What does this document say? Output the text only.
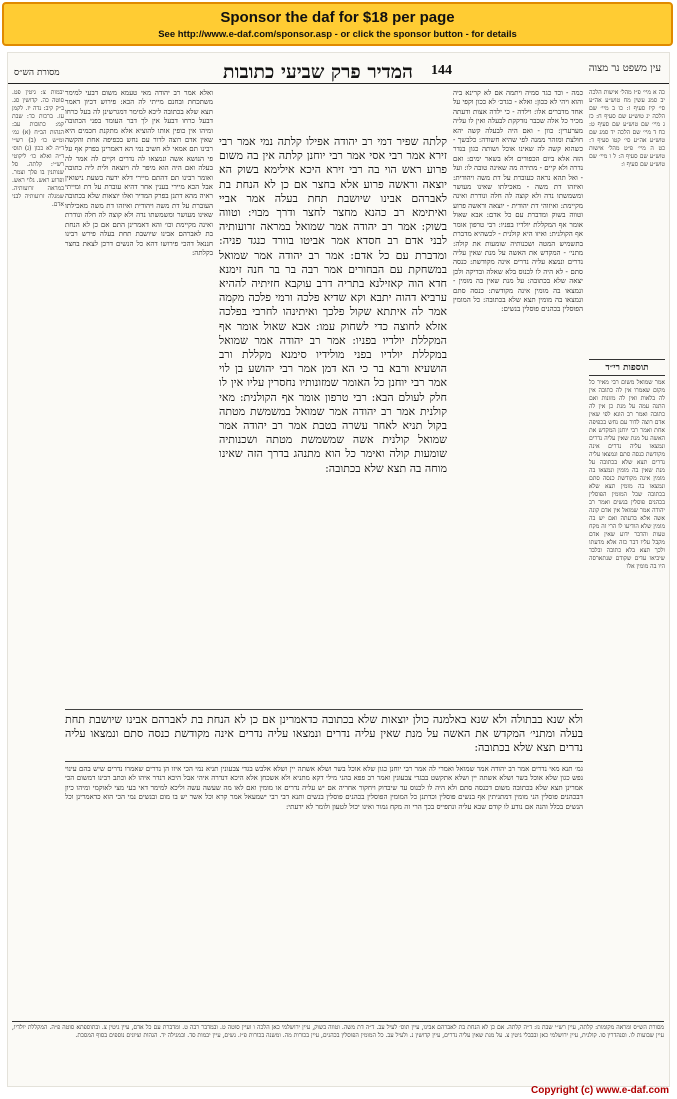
Sponsor the daf for $18 per page
See http://www.e-daf.com/sponsor.asp - or click the sponsor button - for details
מסורת הש״ס	המדיר פרק שביעי כתובות	144	עין משפט נר מצוה
כה א מיי׳ פ״ז מהל׳ אישות הלכה יב סמג עשין מח טוש״ע אה״ע סי׳ קיז סעיף ז: כו ב מיי׳ שם הלכה יג טוש״ע שם סעיף ח: כז ג מיי׳ שם טוש״ע שם סעיף ט: כח ד מיי׳ שם הלכה יד סמג שם טוש״ע אה״ע סי׳ קטו סעיף ד: כט ה מיי׳ פ״ט מהל׳ אישות טוש״ע שם סעיף ה: ל ו מיי׳ שם טוש״ע שם סעיף ו:
תוספות רי״ד
אמר שמואל משום רבי מאיר כל מקום שאמרו אין לה כתובה אין לה בלאות ואין לה מזונות ואם התנה עמה על מנת כן אין לה כתובה ואמר רב הונא לפי שאין אדם רוצה לדור עם נחש בכפיפה אחת ואמר רבי יוחנן המקדש את האשה על מנת שאין עליה נדרים ונמצאו עליה נדרים אינה מקודשת כנסה סתם ונמצאו עליה נדרים תצא שלא בכתובה על מנת שאין בה מומין ונמצאו בה מומין אינה מקודשת כנסה סתם ונמצאו בה מומין תצא שלא בכתובה שכל המומין הפוסלין בכהנים פוסלין בנשים ואמר רב יהודה אמר שמואל אין אדם קונה אשה אלא בדעתה ואם יש בה מומין שלא הודיעו לו הרי זה מקח טעות והדבר ידוע שאין אדם מקבל עליו דבר כזה אלא מדעתו ולכך תצא בלא כתובה ובלבד שיביאו עדים שקודם שנתארסה היו בה מומין אלו
כמה - וכד כגד סמיה ויתמה אם לא קרינא ביה והוא ויהי לא ככון: ואלא - כגדכ׳ לא ככון וקפי על אחד מדברים אלו: וילדה - כי ילדה אצות ודעתה מכיר כל אלה שכבר נזדקקת לבעלה ואין לו עליה מערערין: כוון - ואם היה לבעלה קשה יהא חולצת ומזהר ממנה לפי שהיא חשודה: כלבשך - כשהוא קשה לה שאינו אוכל ושותה כגון בנדר הזה אלא ביום הכפורים ולא בשאר ימים: ואם נדרה ולא קיים - מתירה מה שאינה טובה לו: ועל - ואל תהא נראה כעוברת על דת משה ויהודית: ואיזהו דת משה - מאכילתו שאינו מעושר ומשמשתו נדה ולא קוצה לה חלה ונודרת ואינה מקיימת: ואיזוהי דת יהודית - יוצאה וראשה פרוע וטווה בשוק ומדברת עם כל אדם: אבא שאול אומר אף המקללת יולדיו בפניו: רבי טרפון אומר אף הקולנית: ואיזו היא קולנית - לכשהיא מדברת בתשמיש המטה ושכנותיה שומעות את קולה: מתני׳ - המקדש את האשה על מנת שאין עליה נדרים ונמצא עליה נדרים אינה מקודשת: כנסה סתם - לא היה לו לכנוס בלא שאלה ובדיקה ולכן יצאה שלא בכתובה: על מנת שאין בה מומין - ונמצאו בה מומין אינה מקודשת: כנסה סתם ונמצאו בה מומין תצא שלא בכתובה: כל המומין הפוסלין בכהנים פוסלין בנשים:
קלתה שפיר דמי רב יהודה אפילו קלתה נמי אמר רבי זירא אמר רבי אסי אמר רבי יוחנן קלתה אין בה משום פרוע ראש הוי בה רבי זירא היכא אילימא בשוק הא יוצאה וראשה פרוע אלא בחצר אם כן לא הנחת בת לאברהם אבינו שיושבת תחת בעלה אמר אביי ואיתימא רב כהנא מחצר לחצר ודרך מבוי: וטווה בשוק: אמר רב יהודה אמר שמואל במראה זרועותיה לבני אדם רב חסדא אמר אביטו בוורד כנגד פניה: ומדברת עם כל אדם: אמר רב יהודה אמר שמואל במשחקת עם הבחורים אמר רבה בר בר חנה זימנא חדא הוה קאזילנא בתריה דרב עוקבא חזיתיה לההיא ערביא דהוה יתבא וקא שדיא פלכה ורמי פלכה מקמה אמר לה איתתא שקול פלכך ואיתינהו לחרבי בפלכה אזלא לחוצה כדי לשחוק עמו: אבא שאול אומר אף המקללת יולדיו בפניו: אמר רב יהודה אמר שמואל במקללת יולדיו בפני מולידיו סימנא מקללת ורב הושעיא ורבא בר כי הא דמן אמר רבי יהושע בן לוי אמר רבי יוחנן כל האומר שמזונותיו נחסרין עליו אין לו חלק לעולם הבא: רבי טרפון אומר אף הקולנית: מאי קולנית אמר רב יהודה אמר שמואל במשמשת מטתה בקול תניא לאחר עשרה בטבת אמר רב יהודה אמר שמואל קולנית אשה שמשמשת מטתה ושכנותיה שומעות קולה ואימר כל הוא מתנהג בדרך הזה שאינו מוחה בה תצא שלא בכתובה:
ואלא אמר רב יהודה מאי טעמא משום דבעי למימר משתכחת ובחנם מייתי לה הכא: פירוש דכיון דאמר תצא שלא בכתובה ליכא למימר דמגרשינן לה בעל כרחו דבעל כרחו דבעל אין לך דבר העומד בפני הכתובה ומיהו אין כופין אותו להוציא אלא מתקנת חכמים היא שאין אדם רוצה לדור עם נחש בכפיפה אחת והקשה רבינו תם אמאי לא חשיב נמי הא דאמרינן בפרק אף על פי הנושא אשה ונמצאו לה נדרים וקיים לה אמר לה בעלה ואם היה הוא מיפר לה ויוצאה ולית ליה כתובה ואומר רבינו תם דהתם מיירי דלא ידעה בשעת נישואין אבל הכא מיירי בענין אחר דהיא עוברת על דת ומייתי ראיה מהא דתנן בפרק המדיר ואלו יוצאות שלא בכתובה העוברת על דת משה ויהודית ואיזהו דת משה מאכילתו שאינו מעושר ומשמשתו נדה ולא קוצה לה חלה ונודרת ואינה מקיימת וכו׳ והא דאמרינן התם אם כן לא הנחת בת לאברהם אבינו שיושבת תחת בעלה פירש רבינו חננאל דהכי פירושו דהא כל הנשים דרכן לצאת בחצר בקלתה:
יבמות צ: גיטין פט. סוטה כה. קדושין סג. ב״ק קיב: נדה יז. לקמן עז. ברכות כד: שבת קמ: כתובות עב: הגהות הב״ח (א) גמ׳ ומ״ש כו׳ (ב) רש״י ד״ה לא ככון (ג) תוס׳ ד״ה ואלא כו׳ ליקוטי רש״י: קלתה. סל שנותנין בו פלך וצמר. ופרוע ראש. גלוי ראש. במראה זרועותיה. שמגלה זרועותיה לבני אדם.
ולא שנא בבתולה ולא שנא באלמנה כולן יוצאות שלא בכתובה כדאמרינן אם כן לא הנחת בת לאברהם אבינו שיושבת תחת בעלה ומתני׳ המקדש את האשה על מנת שאין עליה נדרים ונמצאו עליה נדרים אינה מקודשת כנסה סתם ונמצאו עליה נדרים תצא שלא בכתובה:
גמ׳ תנא מאי נדרים אמר רב יהודה אמר שמואל ואמרי לה אמר רבי יוחנן כגון שלא אוכל בשר ושלא אשתה יין ושלא אלבש בגדי צבעונין תניא נמי הכי איזו הן נדרים שאמרו נדרים שיש בהם עינוי נפש כגון שלא אוכל בשר ושלא אשתה יין ושלא אתקשט בבגדי צבעונין ואמר רב פפא בהני מילי דקא מתניא ולא אשכחן אלא היכא דנדרה איהי אבל היכא דנדר איהו לא וכתב רבינו דמשום הכי אמרינן תצא שלא בכתובה משום דכנסה סתם ולא היה לו לכנוס עד שיבדוק ויחקור אחריה אם יש עליה נדרים או מומין ואם לאו מה שעשה עשה וליכא למימר דאי בעי מצי לאוקמי ומיהו כיון דבכהנים פוסלין הני מומין דמתניתין אף בנשים פוסלין וכדתנן כל המומין הפוסלין בכהנים פוסלין בנשים ותנא דבי רבי ישמעאל אמר קרא וכל אשר יש בו מום ובנשים נמי הכי הוא כדאמרינן וכל הנשים בכלל והנה אם נודע לו קודם שבא עליה ונתפייס בכך הרי זה מקח גמור ואינו יכול לטעון ולומר לא ידעתי:
מסורת הש״ס ומראה מקומות: קלתה, עיין רש״י שבת נז: ד״ה קלתה. אם כן לא הנחת בת לאברהם אבינו, עיין תוס׳ לעיל עב. ד״ה דת משה. וטווה בשוק, עיין ירושלמי כאן הלכה ו ועיין סוטה ט. ובמדבר רבה ט. ומדברת עם כל אדם, עיין גיטין צ. ובתוספתא סוטה פ״ה. המקללת יולדיו, עיין שבועות לו. וסנהדרין סו. קולנית, עיין ירושלמי כאן ובבבלי גיטין צ. על מנת שאין עליה נדרים, עיין קדושין נ. ולעיל עב. כל המומין הפוסלין בכהנים, עיין בכורות מה. ומשנה בכורות פ״ז. נשים, עיין יבמות סד. ובמגילה יד. הגהות וציונים נוספים בסוף המסכת.
Copyright (c) www.e-daf.com
